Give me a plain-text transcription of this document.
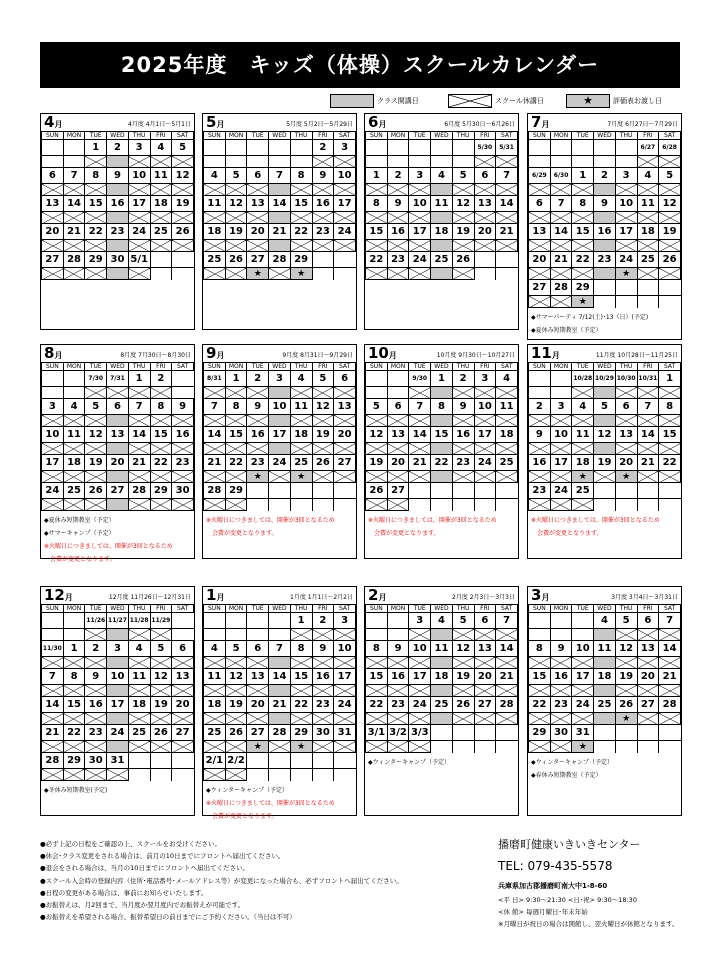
2025年度　キッズ（体操）スクールカレンダー
クラス開講日	スクール休講日	★	評価表お渡し日
4月	4月度 4月1日～5月1日
SUN	MON	TUE	WED	THU	FRI	SAT
		1	2	3	4	5

6	7	8	9	10	11	12

13	14	15	16	17	18	19

20	21	22	23	24	25	26

27	28	29	30	5/1		

5月	5月度 5月2日～5月29日
SUN	MON	TUE	WED	THU	FRI	SAT
					2	3

4	5	6	7	8	9	10

11	12	13	14	15	16	17

18	19	20	21	22	23	24

25	26	27	28	29		
		★		★		
6月	6月度 5月30日～6月26日
SUN	MON	TUE	WED	THU	FRI	SAT
					5/30	5/31

1	2	3	4	5	6	7

8	9	10	11	12	13	14

15	16	17	18	19	20	21

22	23	24	25	26		

7月	7月度 6月27日～7月29日
SUN	MON	TUE	WED	THU	FRI	SAT
					6/27	6/28

6/29	6/30	1	2	3	4	5

6	7	8	9	10	11	12

13	14	15	16	17	18	19

20	21	22	23	24	25	26
				★		
27	28	29				
		★				
◆サマーパーティ 7/12(土)･13（日）(予定)
◆夏休み短期教室（予定）
8月	8月度 7月30日～8月30日
SUN	MON	TUE	WED	THU	FRI	SAT
		7/30	7/31	1	2	

3	4	5	6	7	8	9

10	11	12	13	14	15	16

17	18	19	20	21	22	23

24	25	26	27	28	29	30

◆夏休み短期教室（予定）
◆サマーキャンプ（予定）
※火曜日につきましては、開催が3回となるため
　会費が変更となります。
9月	9月度 8月31日～9月29日
SUN	MON	TUE	WED	THU	FRI	SAT
8/31	1	2	3	4	5	6

7	8	9	10	11	12	13

14	15	16	17	18	19	20

21	22	23	24	25	26	27
		★		★		
28	29					

※火曜日につきましては、開催が3回となるため
　会費が変更となります。
10月	10月度 9月30日～10月27日
SUN	MON	TUE	WED	THU	FRI	SAT
		9/30	1	2	3	4

5	6	7	8	9	10	11

12	13	14	15	16	17	18

19	20	21	22	23	24	25

26	27					

※火曜日につきましては、開催が3回となるため
　会費が変更となります。
11月	11月度 10月28日～11月25日
SUN	MON	TUE	WED	THU	FRI	SAT
		10/28	10/29	10/30	10/31	1

2	3	4	5	6	7	8

9	10	11	12	13	14	15

16	17	18	19	20	21	22
		★		★		
23	24	25				

※火曜日につきましては、開催が3回となるため
　会費が変更となります。
12月	12月度 11月26日～12月31日
SUN	MON	TUE	WED	THU	FRI	SAT
		11/26	11/27	11/28	11/29	

11/30	1	2	3	4	5	6

7	8	9	10	11	12	13

14	15	16	17	18	19	20

21	22	23	24	25	26	27

28	29	30	31			

◆冬休み短期教室(予定)
1月	1月度 1月1日～2月2日
SUN	MON	TUE	WED	THU	FRI	SAT
				1	2	3

4	5	6	7	8	9	10

11	12	13	14	15	16	17

18	19	20	21	22	23	24

25	26	27	28	29	30	31
		★		★		
2/1	2/2					

◆ウィンターキャンプ（予定）
※火曜日につきましては、開催が3回となるため
　会費が変更となります。
2月	2月度 2月3日～3月3日
SUN	MON	TUE	WED	THU	FRI	SAT
		3	4	5	6	7

8	9	10	11	12	13	14

15	16	17	18	19	20	21

22	23	24	25	26	27	28

3/1	3/2	3/3				

◆ウィンターキャンプ（予定）
3月	3月度 3月4日～3月31日
SUN	MON	TUE	WED	THU	FRI	SAT
			4	5	6	7

8	9	10	11	12	13	14

15	16	17	18	19	20	21

22	23	24	25	26	27	28
				★		
29	30	31				
		★				
◆ウィンターキャンプ（予定）
◆春休み短期教室（予定）
●必ず上記の日程をご確認の上、スクールをお受けください。
●休会･クラス変更をされる場合は、前月の10日までにフロントへ届出てください。
●退会をされる場合は、当月の10日までにフロントへ届出てください。
●スクール入会時の登録内容（住所･電話番号･メールアドレス等）が変更になった場合も、必ずフロントへ届出てください。
●日程の変更がある場合は、事前にお知らせいたします。
●お振替えは、月2回まで、当月度か翌月度内でお振替えが可能です。
●お振替えを希望される場合、振替希望日の前日までにご予約ください。（当日は不可）
播磨町健康いきいきセンター
TEL: 079-435-5578
兵庫県加古郡播磨町南大中1-8-60
<平 日> 9:30～21:30 <日･祝> 9:30～18:30
<休 館> 毎週月曜日･年末年始
※月曜日が祝日の場合は開館し、翌火曜日が休館となります。
